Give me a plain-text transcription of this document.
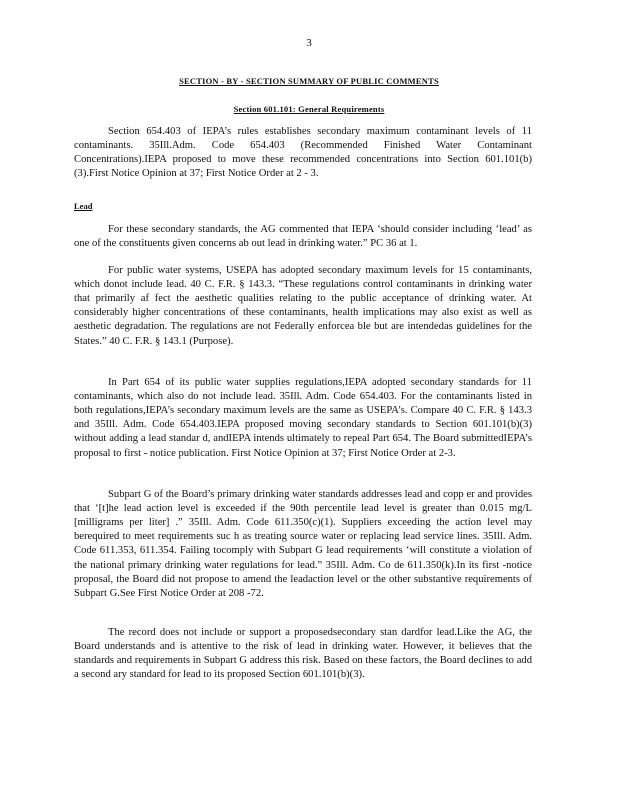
3
SECTION - BY - SECTION SUMMARY OF PUBLIC COMMENTS
Section 601.101: General Requirements

Section 654.403 of IEPA’s rules establishes secondary maximum contaminant levels of 11 contaminants. 35Ill.Adm. Code 654.403 (Recommended Finished Water Contaminant Concentrations).IEPA proposed to move these recommended concentrations into Section 601.101(b)(3).First Notice Opinion at 37; First Notice Order at 2 - 3.

Lead

For these secondary standards, the AG commented that IEPA ‘should consider including ‘lead’ as one of the constituents given concerns ab out lead in drinking water.” PC 36 at 1.

For public water systems, USEPA has adopted secondary maximum levels for 15 contaminants, which donot include lead. 40 C. F.R. § 143.3. “These regulations control contaminants in drinking water that primarily af fect the aesthetic qualities relating to the public acceptance of drinking water. At considerably higher concentrations of these contaminants, health implications may also exist as well as aesthetic degradation. The regulations are not Federally enforcea ble but are intendedas guidelines for the States.” 40 C. F.R. § 143.1 (Purpose).

In Part 654 of its public water supplies regulations,IEPA adopted secondary standards for 11 contaminants, which also do not include lead. 35Ill. Adm. Code 654.403. For the contaminants listed in both regulations,IEPA’s secondary maximum levels are the same as USEPA’s. Compare 40 C. F.R. § 143.3 and 35Ill. Adm. Code 654.403.IEPA proposed moving secondary standards to Section 601.101(b)(3) without adding a lead standar d, andIEPA intends ultimately to repeal Part 654. The Board submittedIEPA’s proposal to first - notice publication. First Notice Opinion at 37; First Notice Order at 2-3.

Subpart G of the Board’s primary drinking water standards addresses lead and copp er and provides that ‘[t]he lead action level is exceeded if the 90th percentile lead level is greater than 0.015 mg/L [milligrams per liter] .” 35Ill. Adm. Code 611.350(c)(1). Suppliers exceeding the action level may berequired to meet requirements suc h as treating source water or replacing lead service lines. 35Ill. Adm. Code 611.353, 611.354. Failing tocomply with Subpart G lead requirements ‘will constitute a violation of the national primary drinking water regulations for lead.” 35Ill. Adm. Co de 611.350(k).In its first -notice proposal, the Board did not propose to amend the leadaction level or the other substantive requirements of Subpart G.See First Notice Order at 208 -72.

The record does not include or support a proposedsecondary stan dardfor lead.Like the AG, the Board understands and is attentive to the risk of lead in drinking water. However, it believes that the standards and requirements in Subpart G address this risk. Based on these factors, the Board declines to add a second ary standard for lead to its proposed Section 601.101(b)(3).
